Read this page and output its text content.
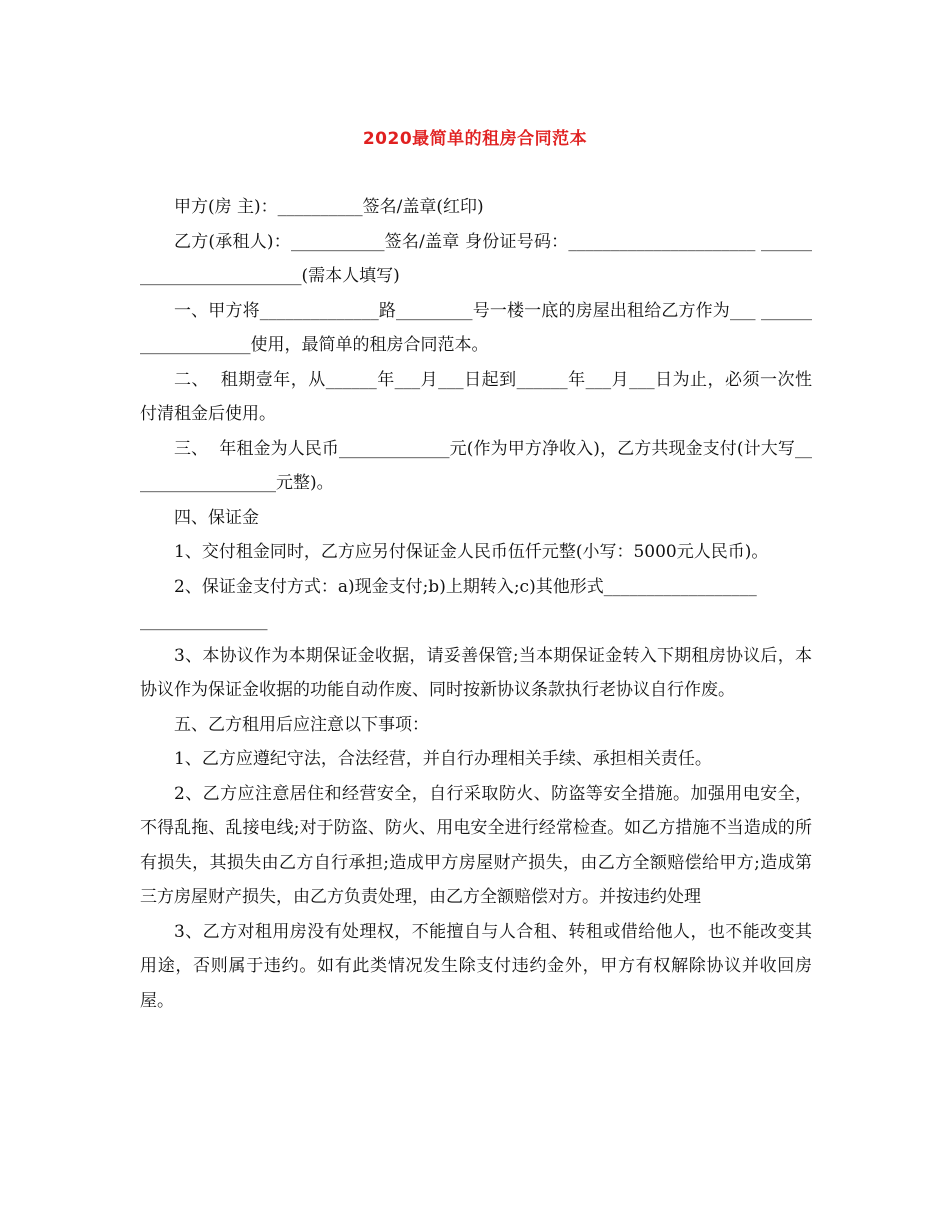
2020最简单的租房合同范本

甲方(房 主)：__________签名/盖章(红印)

乙方(承租人)：___________签名/盖章 身份证号码：______________________ _________________________(需本人填写)

一、甲方将______________路_________号一楼一底的房屋出租给乙方作为___ ___________________使用，最简单的租房合同范本。

二、  租期壹年，从______年___月___日起到______年___月___日为止，必须一次性付清租金后使用。

三、  年租金为人民币_____________元(作为甲方净收入)，乙方共现金支付(计大写__________________元整)。

四、保证金

1、交付租金同时，乙方应另付保证金人民币伍仟元整(小写：5000元人民币)。

2、保证金支付方式：a)现金支付;b)上期转入;c)其他形式__________________

_______________

3、本协议作为本期保证金收据，请妥善保管;当本期保证金转入下期租房协议后，本协议作为保证金收据的功能自动作废、同时按新协议条款执行老协议自行作废。

五、乙方租用后应注意以下事项：

1、乙方应遵纪守法，合法经营，并自行办理相关手续、承担相关责任。

2、乙方应注意居住和经营安全，自行采取防火、防盗等安全措施。加强用电安全，不得乱拖、乱接电线;对于防盗、防火、用电安全进行经常检查。如乙方措施不当造成的所有损失，其损失由乙方自行承担;造成甲方房屋财产损失，由乙方全额赔偿给甲方;造成第三方房屋财产损失，由乙方负责处理，由乙方全额赔偿对方。并按违约处理

3、乙方对租用房没有处理权，不能擅自与人合租、转租或借给他人，也不能改变其用途，否则属于违约。如有此类情况发生除支付违约金外，甲方有权解除协议并收回房屋。
